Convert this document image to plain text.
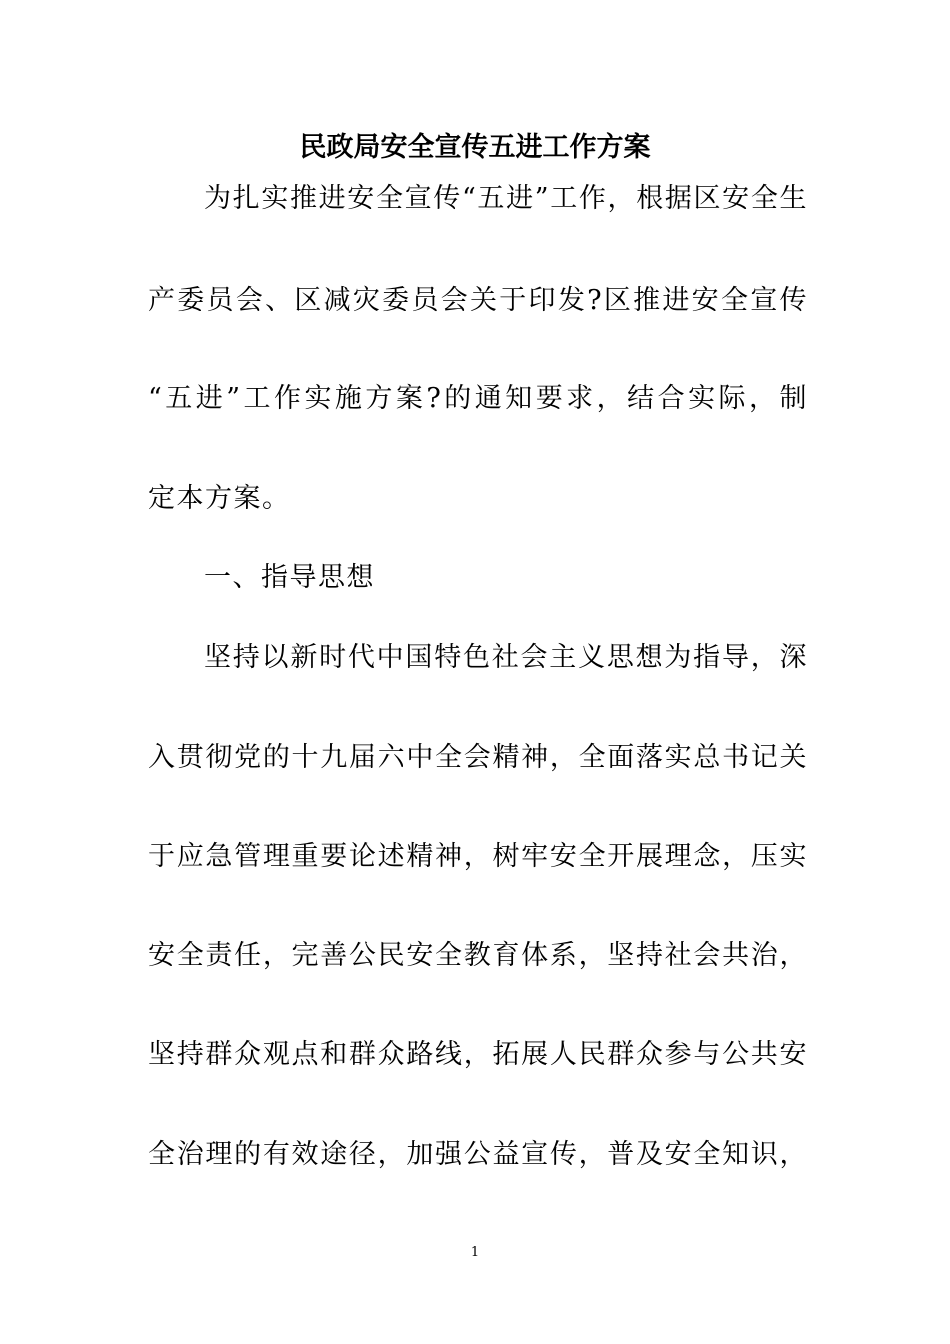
民政局安全宣传五进工作方案

为扎实推进安全宣传“五进”工作，根据区安全生

产委员会、区减灾委员会关于印发?区推进安全宣传

“五进”工作实施方案?的通知要求，结合实际，制

定本方案。

一、指导思想

坚持以新时代中国特色社会主义思想为指导，深

入贯彻党的十九届六中全会精神，全面落实总书记关

于应急管理重要论述精神，树牢安全开展理念，压实

安全责任，完善公民安全教育体系，坚持社会共治，

坚持群众观点和群众路线，拓展人民群众参与公共安

全治理的有效途径，加强公益宣传，普及安全知识，

1
